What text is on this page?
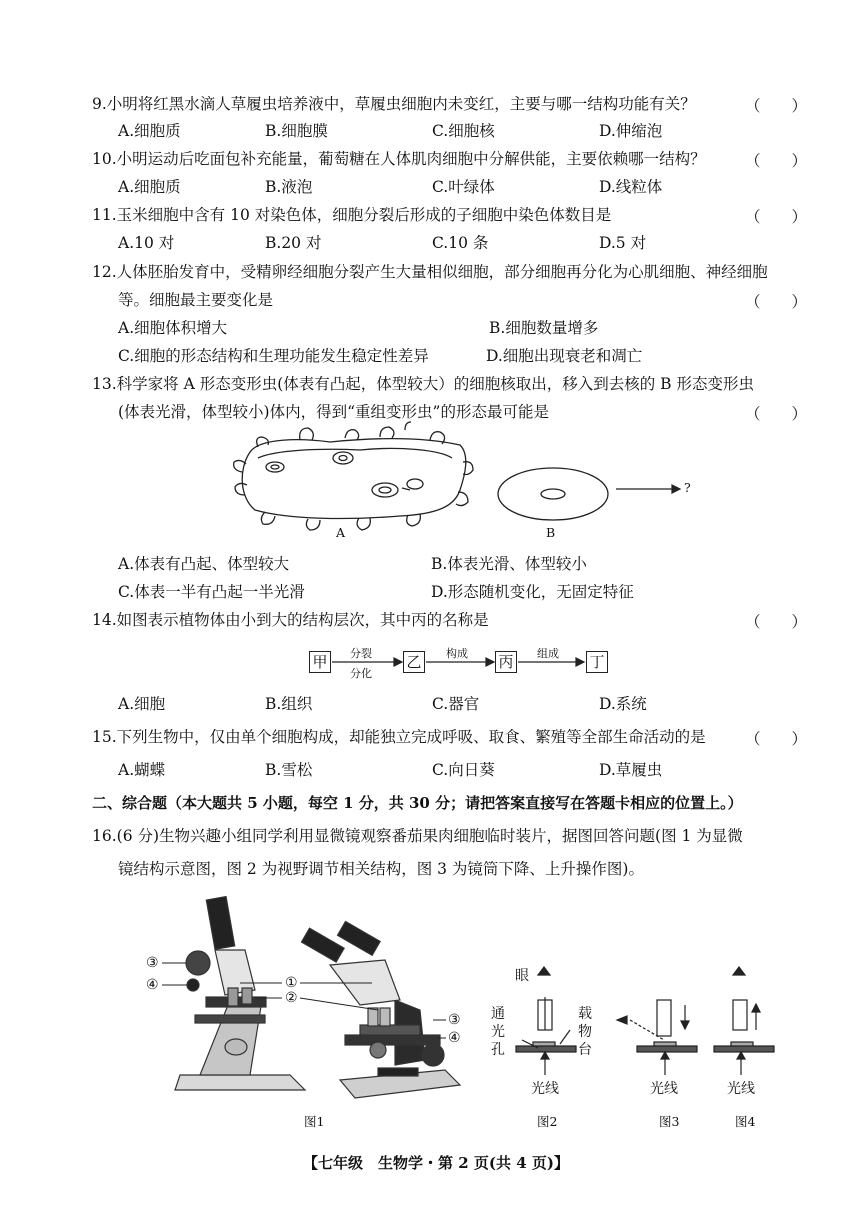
9.小明将红黑水滴人草履虫培养液中，草履虫细胞内未变红，主要与哪一结构功能有关？	（　　）
A.细胞质	B.细胞膜	C.细胞核	D.伸缩泡
10.小明运动后吃面包补充能量，葡萄糖在人体肌肉细胞中分解供能，主要依赖哪一结构？	（　　）
A.细胞质	B.液泡	C.叶绿体	D.线粒体
11.玉米细胞中含有 10 对染色体，细胞分裂后形成的子细胞中染色体数目是	（　　）
A.10 对	B.20 对	C.10 条	D.5 对
12.人体胚胎发育中，受精卵经细胞分裂产生大量相似细胞，部分细胞再分化为心肌细胞、神经细胞
等。细胞最主要变化是	（　　）
A.细胞体积增大	B.细胞数量增多
C.细胞的形态结构和生理功能发生稳定性差异	D.细胞出现衰老和凋亡
13.科学家将 A 形态变形虫(体表有凸起，体型较大）的细胞核取出，移入到去核的 B 形态变形虫
(体表光滑，体型较小)体内，得到“重组变形虫”的形态最可能是	（　　）
A	B
?
A.体表有凸起、体型较大	B.体表光滑、体型较小
C.体表一半有凸起一半光滑	D.形态随机变化，无固定特征
14.如图表示植物体由小到大的结构层次，其中丙的名称是	（　　）
甲	乙	丙	丁
分裂
分化
构成	组成
A.细胞	B.组织	C.器官	D.系统
15.下列生物中，仅由单个细胞构成，却能独立完成呼吸、取食、繁殖等全部生命活动的是	（　　）
A.蝴蝶	B.雪松	C.向日葵	D.草履虫
二、综合题（本大题共 5 小题，每空 1 分，共 30 分；请把答案直接写在答题卡相应的位置上。）
16.(6 分)生物兴趣小组同学利用显微镜观察番茄果肉细胞临时装片，据图回答问题(图 1 为显微
镜结构示意图，图 2 为视野调节相关结构，图 3 为镜筒下降、上升操作图)。
③
④	①
②
③
④
眼
通光孔
载物台
光线	光线	光线
图1	图2	图3	图4
【七年级　生物学・第 2 页(共 4 页)】
